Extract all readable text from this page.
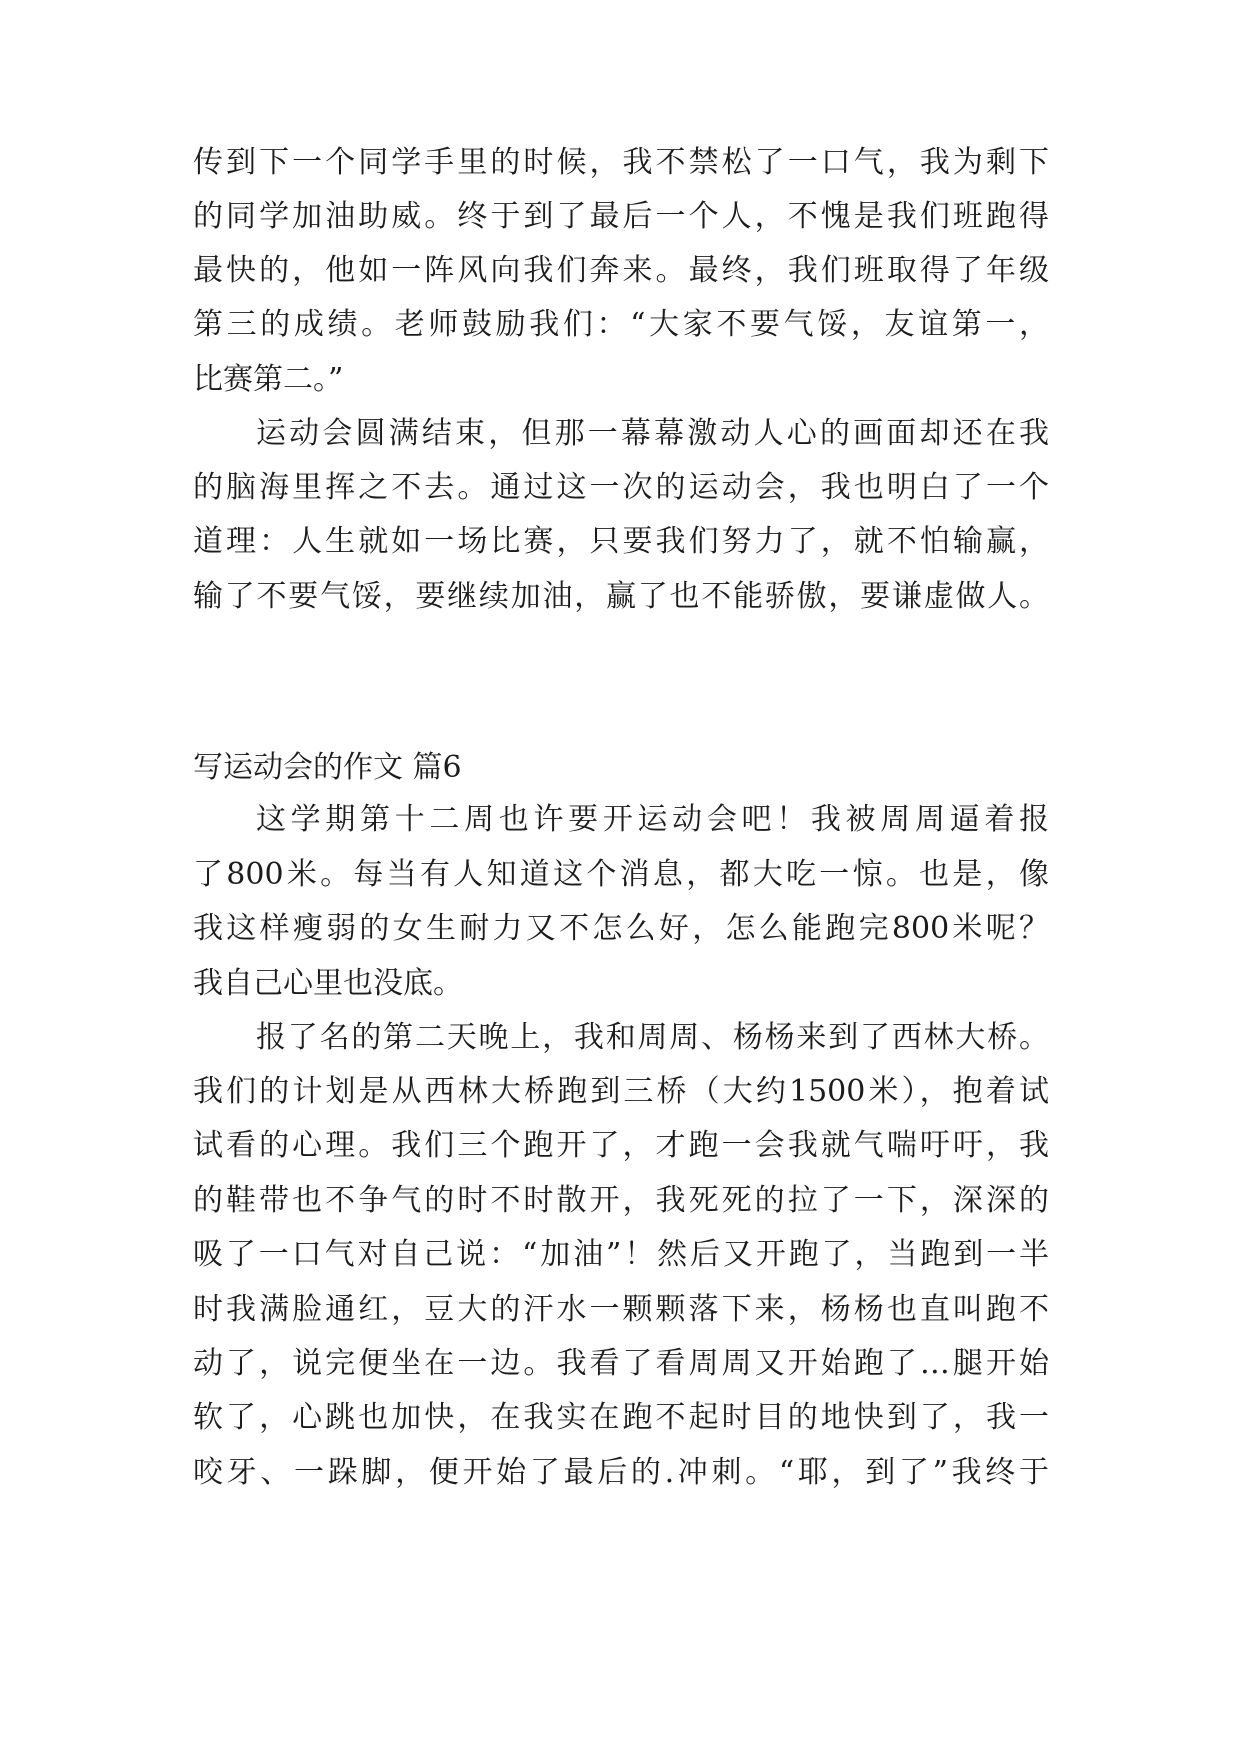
传到下一个同学手里的时候，我不禁松了一口气，我为剩下
的同学加油助威。终于到了最后一个人，不愧是我们班跑得
最快的，他如一阵风向我们奔来。最终，我们班取得了年级
第三的成绩。老师鼓励我们：“大家不要气馁，友谊第一，
比赛第二。”
运动会圆满结束，但那一幕幕激动人心的画面却还在我
的脑海里挥之不去。通过这一次的运动会，我也明白了一个
道理：人生就如一场比赛，只要我们努力了，就不怕输赢，
输了不要气馁，要继续加油，赢了也不能骄傲，要谦虚做人。
写运动会的作文 篇6
这学期第十二周也许要开运动会吧！我被周周逼着报
了800米。每当有人知道这个消息，都大吃一惊。也是，像
我这样瘦弱的女生耐力又不怎么好，怎么能跑完800米呢？
我自己心里也没底。
报了名的第二天晚上，我和周周、杨杨来到了西林大桥。
我们的计划是从西林大桥跑到三桥（大约1500米），抱着试
试看的心理。我们三个跑开了，才跑一会我就气喘吁吁，我
的鞋带也不争气的时不时散开，我死死的拉了一下，深深的
吸了一口气对自己说：“加油”！然后又开跑了，当跑到一半
时我满脸通红，豆大的汗水一颗颗落下来，杨杨也直叫跑不
动了，说完便坐在一边。我看了看周周又开始跑了…腿开始
软了，心跳也加快，在我实在跑不起时目的地快到了，我一
咬牙、一跺脚，便开始了最后的.冲刺。“耶，到了”我终于
